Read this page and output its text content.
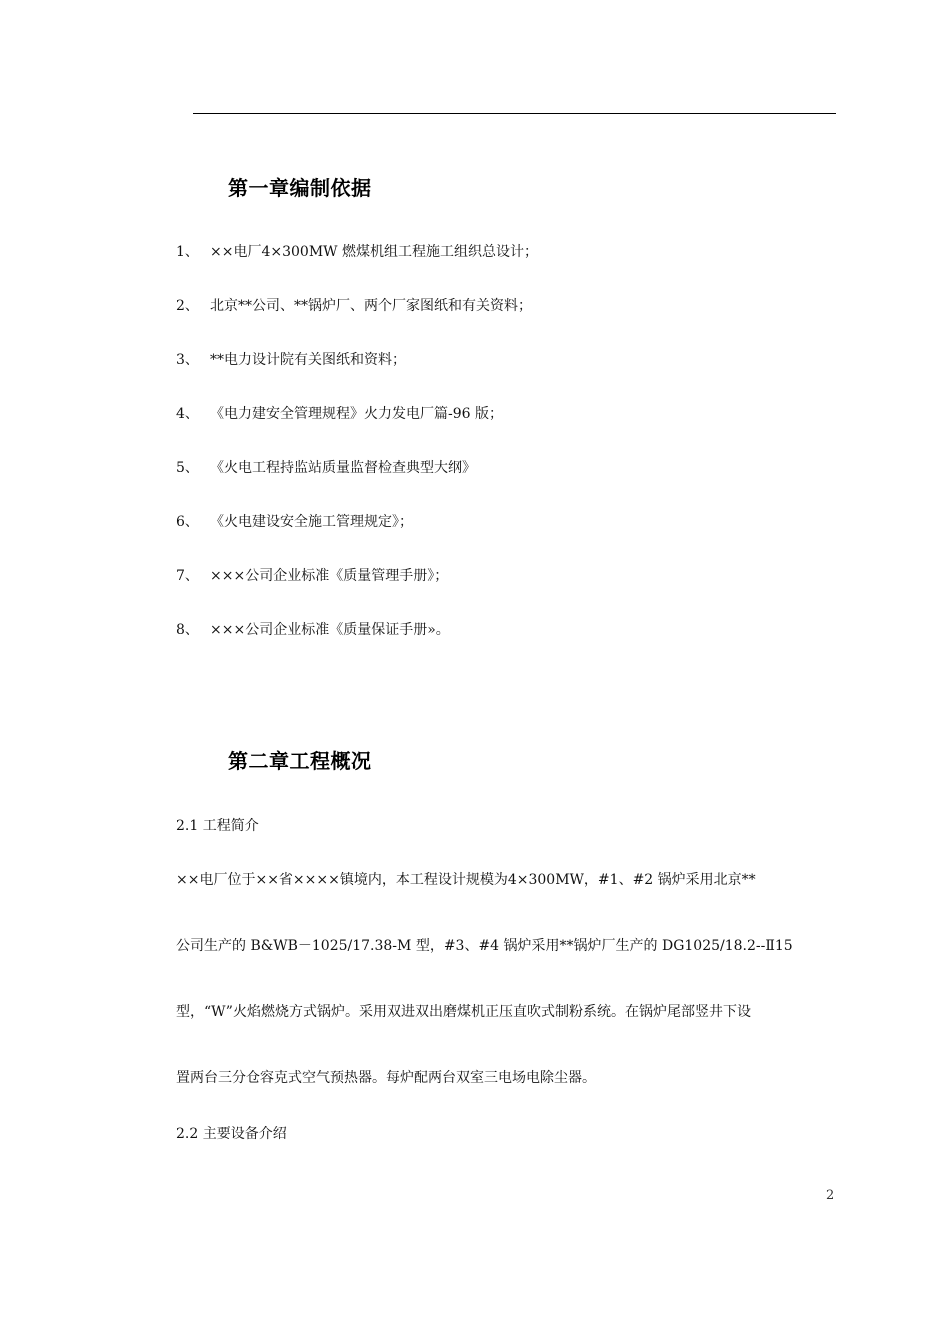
第一章编制依据
1、 ××电厂4×300MW 燃煤机组工程施工组织总设计；
2、 北京**公司、**锅炉厂、两个厂家图纸和有关资料；
3、 **电力设计院有关图纸和资料；
4、 《电力建安全管理规程》火力发电厂篇-96 版；
5、 《火电工程持监站质量监督检查典型大纲》
6、 《火电建设安全施工管理规定》；
7、 ×××公司企业标准《质量管理手册》；
8、 ×××公司企业标准《质量保证手册»。
第二章工程概况
2.1 工程简介
××电厂位于××省××××镇境内，本工程设计规模为4×300MW，#1、#2 锅炉采用北京**
公司生产的 B&WB－1025/17.38-M 型，#3、#4 锅炉采用**锅炉厂生产的 DG1025/18.2--Ⅱ15
型，“W”火焰燃烧方式锅炉。采用双进双出磨煤机正压直吹式制粉系统。在锅炉尾部竖井下设
置两台三分仓容克式空气预热器。每炉配两台双室三电场电除尘器。
2.2 主要设备介绍
2
